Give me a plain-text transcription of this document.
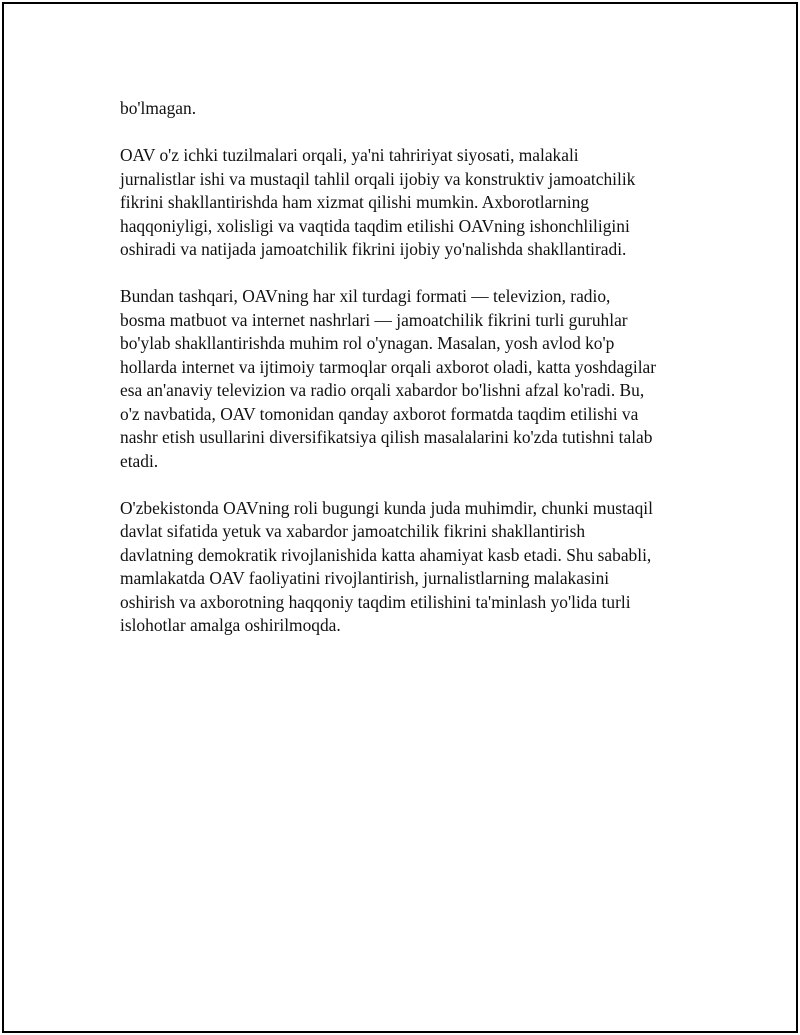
bo'lmagan.

OAV o'z ichki tuzilmalari orqali, ya'ni tahririyat siyosati, malakali
jurnalistlar ishi va mustaqil tahlil orqali ijobiy va konstruktiv jamoatchilik
fikrini shakllantirishda ham xizmat qilishi mumkin. Axborotlarning
haqqoniyligi, xolisligi va vaqtida taqdim etilishi OAVning ishonchliligini
oshiradi va natijada jamoatchilik fikrini ijobiy yo'nalishda shakllantiradi.

Bundan tashqari, OAVning har xil turdagi formati — televizion, radio,
bosma matbuot va internet nashrlari — jamoatchilik fikrini turli guruhlar
bo'ylab shakllantirishda muhim rol o'ynagan. Masalan, yosh avlod ko'p
hollarda internet va ijtimoiy tarmoqlar orqali axborot oladi, katta yoshdagilar
esa an'anaviy televizion va radio orqali xabardor bo'lishni afzal ko'radi. Bu,
o'z navbatida, OAV tomonidan qanday axborot formatda taqdim etilishi va
nashr etish usullarini diversifikatsiya qilish masalalarini ko'zda tutishni talab
etadi.

O'zbekistonda OAVning roli bugungi kunda juda muhimdir, chunki mustaqil
davlat sifatida yetuk va xabardor jamoatchilik fikrini shakllantirish
davlatning demokratik rivojlanishida katta ahamiyat kasb etadi. Shu sababli,
mamlakatda OAV faoliyatini rivojlantirish, jurnalistlarning malakasini
oshirish va axborotning haqqoniy taqdim etilishini ta'minlash yo'lida turli
islohotlar amalga oshirilmoqda.
